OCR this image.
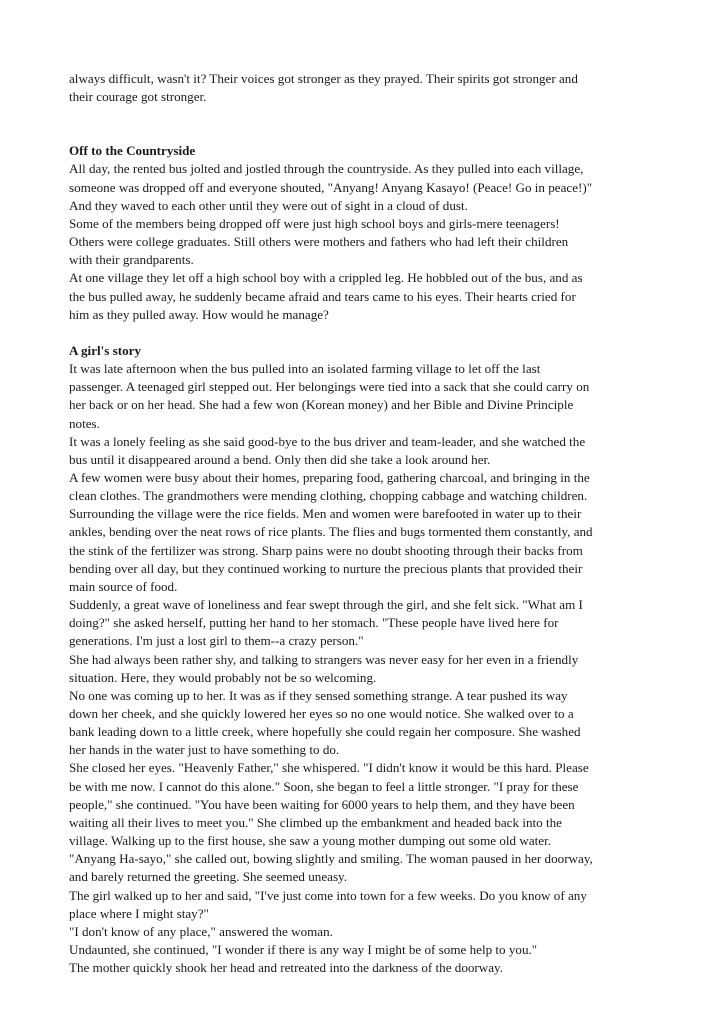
always difficult, wasn't it? Their voices got stronger as they prayed. Their spirits got stronger and
their courage got stronger.
Off to the Countryside
All day, the rented bus jolted and jostled through the countryside. As they pulled into each village,
someone was dropped off and everyone shouted, "Anyang! Anyang Kasayo! (Peace! Go in peace!)"
And they waved to each other until they were out of sight in a cloud of dust.
Some of the members being dropped off were just high school boys and girls-mere teenagers!
Others were college graduates. Still others were mothers and fathers who had left their children
with their grandparents.
At one village they let off a high school boy with a crippled leg. He hobbled out of the bus, and as
the bus pulled away, he suddenly became afraid and tears came to his eyes. Their hearts cried for
him as they pulled away. How would he manage?
A girl's story
It was late afternoon when the bus pulled into an isolated farming village to let off the last
passenger. A teenaged girl stepped out. Her belongings were tied into a sack that she could carry on
her back or on her head. She had a few won (Korean money) and her Bible and Divine Principle
notes.
It was a lonely feeling as she said good-bye to the bus driver and team-leader, and she watched the
bus until it disappeared around a bend. Only then did she take a look around her.
A few women were busy about their homes, preparing food, gathering charcoal, and bringing in the
clean clothes. The grandmothers were mending clothing, chopping cabbage and watching children.
Surrounding the village were the rice fields. Men and women were barefooted in water up to their
ankles, bending over the neat rows of rice plants. The flies and bugs tormented them constantly, and
the stink of the fertilizer was strong. Sharp pains were no doubt shooting through their backs from
bending over all day, but they continued working to nurture the precious plants that provided their
main source of food.
Suddenly, a great wave of loneliness and fear swept through the girl, and she felt sick. "What am I
doing?" she asked herself, putting her hand to her stomach. "These people have lived here for
generations. I'm just a lost girl to them--a crazy person."
She had always been rather shy, and talking to strangers was never easy for her even in a friendly
situation. Here, they would probably not be so welcoming.
No one was coming up to her. It was as if they sensed something strange. A tear pushed its way
down her cheek, and she quickly lowered her eyes so no one would notice. She walked over to a
bank leading down to a little creek, where hopefully she could regain her composure. She washed
her hands in the water just to have something to do.
She closed her eyes. "Heavenly Father," she whispered. "I didn't know it would be this hard. Please
be with me now. I cannot do this alone." Soon, she began to feel a little stronger. "I pray for these
people," she continued. "You have been waiting for 6000 years to help them, and they have been
waiting all their lives to meet you." She climbed up the embankment and headed back into the
village. Walking up to the first house, she saw a young mother dumping out some old water.
"Anyang Ha-sayo," she called out, bowing slightly and smiling. The woman paused in her doorway,
and barely returned the greeting. She seemed uneasy.
The girl walked up to her and said, "I've just come into town for a few weeks. Do you know of any
place where I might stay?"
"I don't know of any place," answered the woman.
Undaunted, she continued, "I wonder if there is any way I might be of some help to you."
The mother quickly shook her head and retreated into the darkness of the doorway.
